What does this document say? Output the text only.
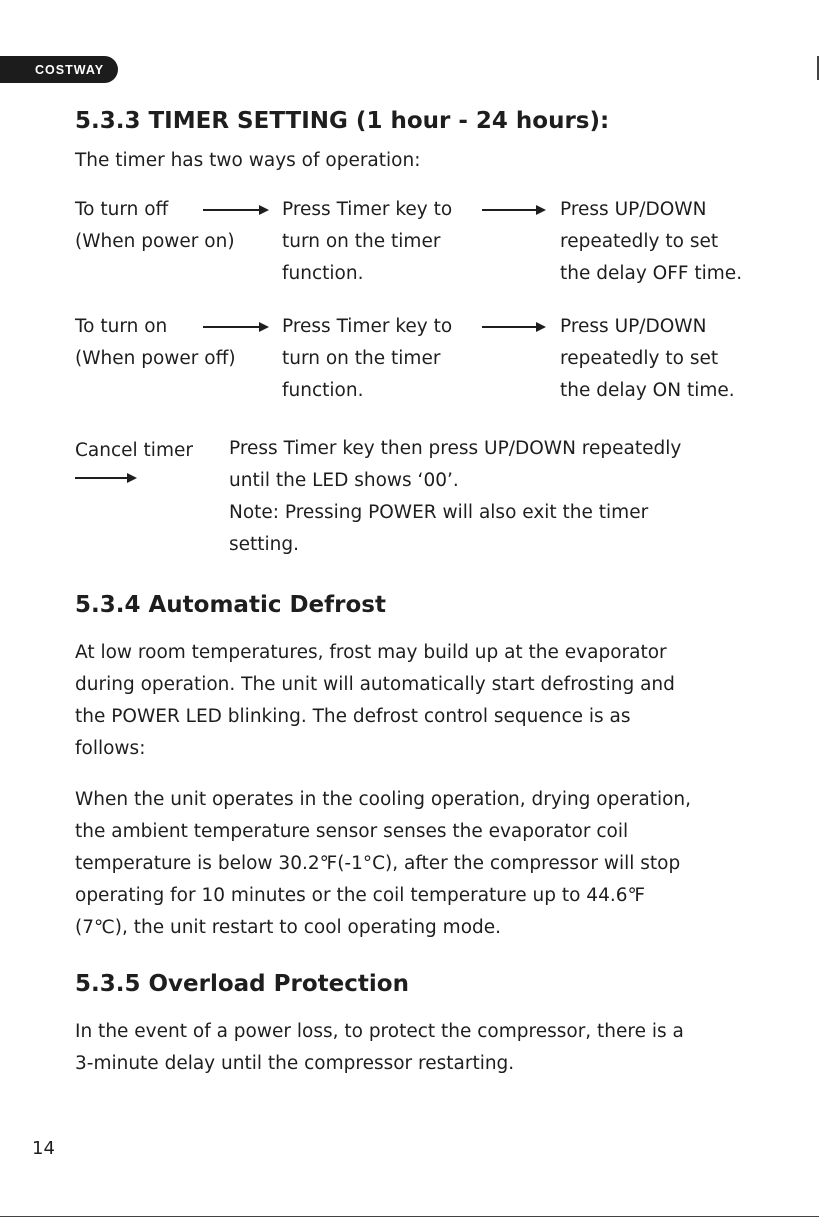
COSTWAY
5.3.3 TIMER SETTING (1 hour - 24 hours):
The timer has two ways of operation:
To turn off
(When power on)
Press Timer key to
turn on the timer
function.
Press UP/DOWN
repeatedly to set
the delay OFF time.
To turn on
(When power off)
Press Timer key to
turn on the timer
function.
Press UP/DOWN
repeatedly to set
the delay ON time.
Cancel timer Press Timer key then press UP/DOWN repeatedly
until the LED shows ‘00’.
Note: Pressing POWER will also exit the timer
setting.
5.3.4 Automatic Defrost
At low room temperatures, frost may build up at the evaporator
during operation. The unit will automatically start defrosting and
the POWER LED blinking. The defrost control sequence is as
follows:
When the unit operates in the cooling operation, drying operation,
the ambient temperature sensor senses the evaporator coil
temperature is below 30.2℉(-1°C), after the compressor will stop
operating for 10 minutes or the coil temperature up to 44.6℉
(7℃), the unit restart to cool operating mode.
5.3.5 Overload Protection
In the event of a power loss, to protect the compressor, there is a
3-minute delay until the compressor restarting.
14
